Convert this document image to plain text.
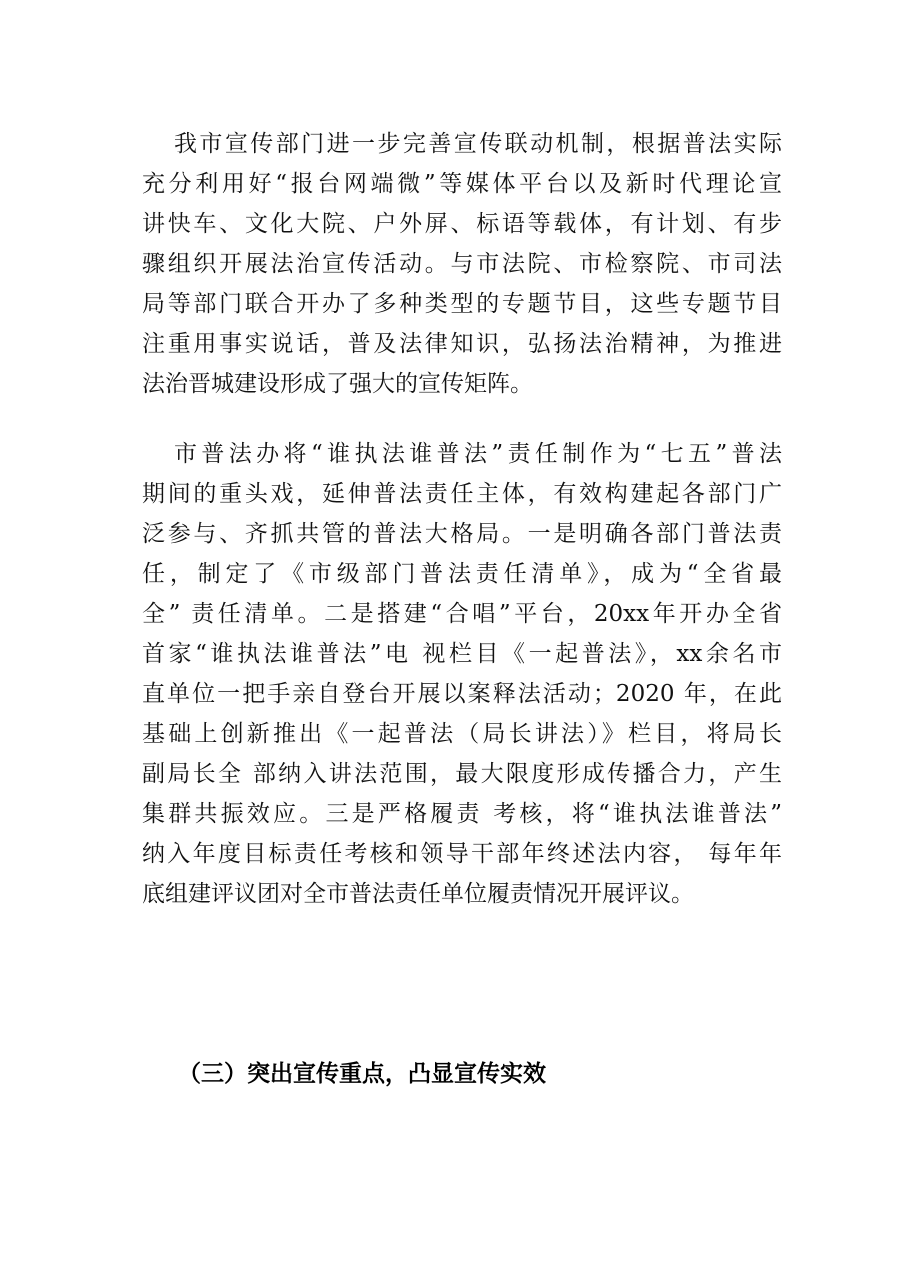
我市宣传部门进一步完善宣传联动机制，根据普法实际
充分利用好“报台网端微”等媒体平台以及新时代理论宣
讲快车、文化大院、户外屏、标语等载体，有计划、有步
骤组织开展法治宣传活动。与市法院、市检察院、市司法
局等部门联合开办了多种类型的专题节目，这些专题节目
注重用事实说话，普及法律知识，弘扬法治精神，为推进
法治晋城建设形成了强大的宣传矩阵。
市普法办将“谁执法谁普法”责任制作为“七五”普法
期间的重头戏，延伸普法责任主体，有效构建起各部门广
泛参与、齐抓共管的普法大格局。一是明确各部门普法责
任，制定了《市级部门普法责任清单》，成为“全省最
全” 责任清单。二是搭建“合唱”平台，20xx年开办全省
首家“谁执法谁普法”电 视栏目《一起普法》，xx余名市
直单位一把手亲自登台开展以案释法活动；2020 年，在此
基础上创新推出《一起普法（局长讲法）》栏目，将局长
副局长全 部纳入讲法范围，最大限度形成传播合力，产生
集群共振效应。三是严格履责 考核，将“谁执法谁普法”
纳入年度目标责任考核和领导干部年终述法内容， 每年年
底组建评议团对全市普法责任单位履责情况开展评议。
（三）突出宣传重点，凸显宣传实效
